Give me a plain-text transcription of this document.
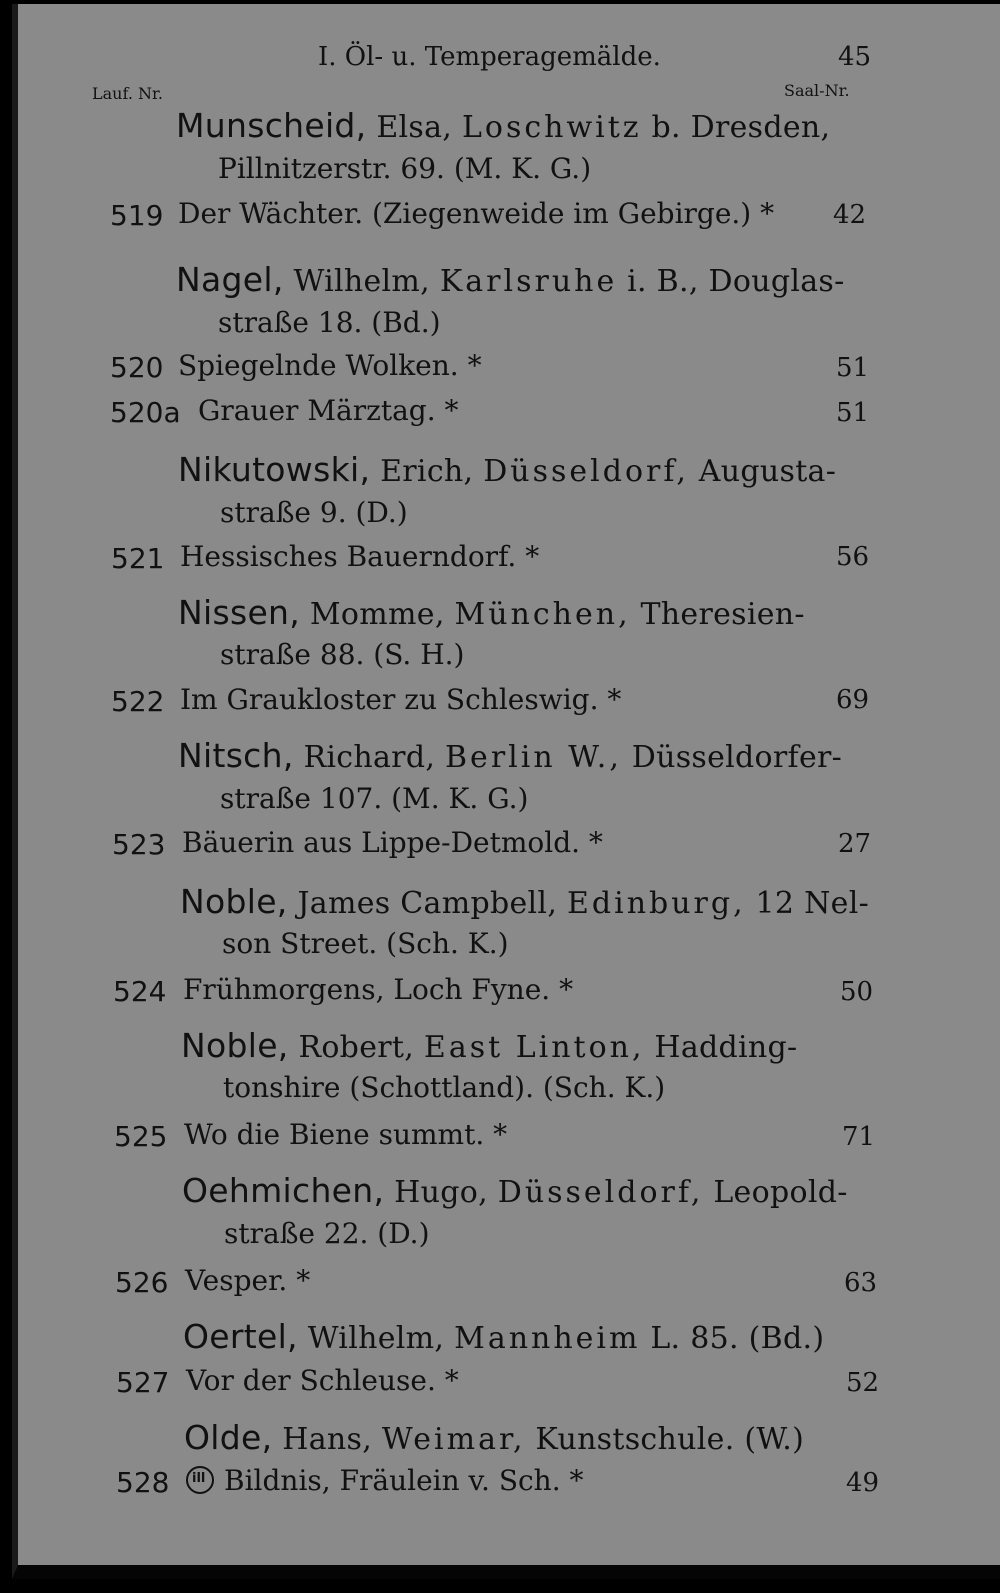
I. Öl- u. Temperagemälde.	45
Lauf. Nr.	Saal-Nr.
Munscheid, Elsa, Loschwitz b. Dresden,
Pillnitzerstr. 69. (M. K. G.)
519 Der Wächter. (Ziegenweide im Gebirge.) * 42
Nagel, Wilhelm, Karlsruhe i. B., Douglas-
straße 18. (Bd.)
520 Spiegelnde Wolken. *	51
520a Grauer Märztag. *	51
Nikutowski, Erich, Düsseldorf, Augusta-
straße 9. (D.)
521 Hessisches Bauerndorf. *	56
Nissen, Momme, München, Theresien-
straße 88. (S. H.)
522 Im Graukloster zu Schleswig. *	69
Nitsch, Richard, Berlin W., Düsseldorfer-
straße 107. (M. K. G.)
523 Bäuerin aus Lippe-Detmold. *	27
Noble, James Campbell, Edinburg, 12 Nel-
son Street. (Sch. K.)
524 Frühmorgens, Loch Fyne. *	50
Noble, Robert, East Linton, Hadding-
tonshire (Schottland). (Sch. K.)
525 Wo die Biene summt. *	71
Oehmichen, Hugo, Düsseldorf, Leopold-
straße 22. (D.)
526 Vesper. *	63
Oertel, Wilhelm, Mannheim L. 85. (Bd.)
527 Vor der Schleuse. *	52
Olde, Hans, Weimar, Kunstschule. (W.)
528 ill	Bildnis, Fräulein v. Sch. *	49
